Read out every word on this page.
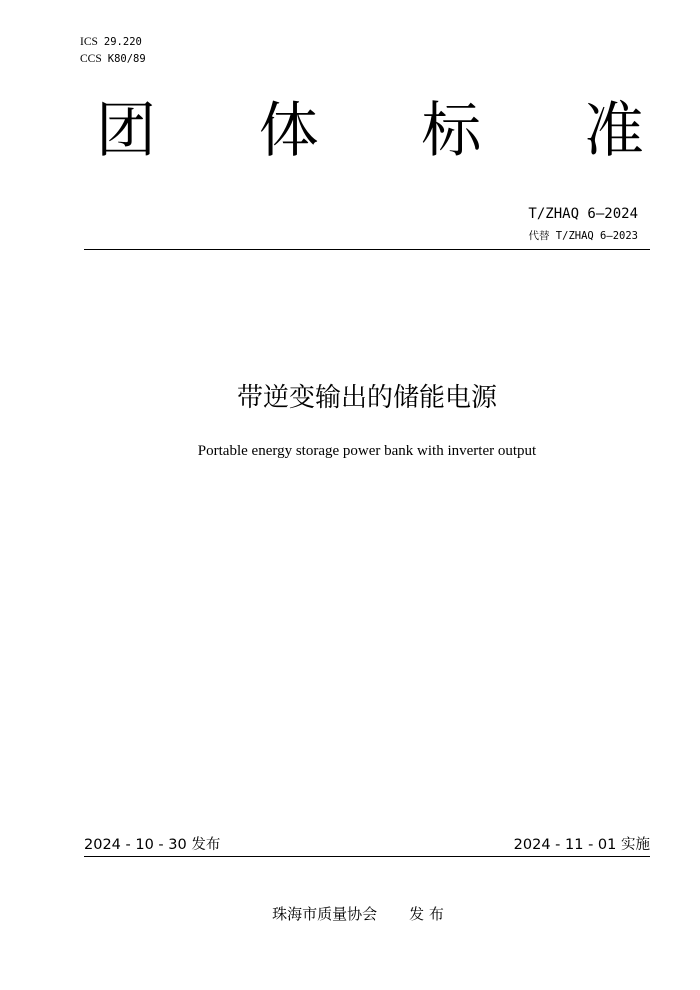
ICS 29.220
CCS K80/89
团 体 标 准
T/ZHAQ 6—2024
代替 T/ZHAQ 6—2023
带逆变输出的储能电源
Portable energy storage power bank with inverter output
2024 - 10 - 30 发布	2024 - 11 - 01 实施
珠海市质量协会 发 布
